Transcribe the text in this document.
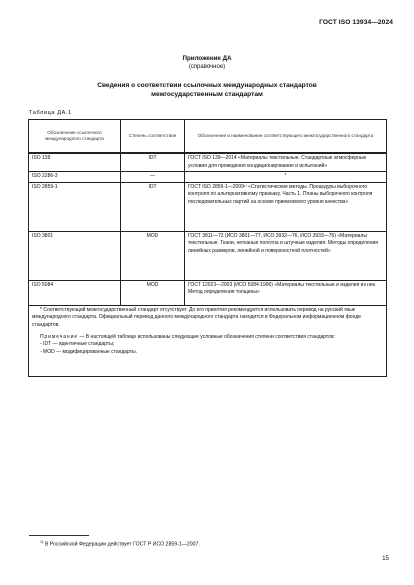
ГОСТ ISO 13934—2024
Приложение ДА
(справочное)
Сведения о соответствии ссылочных международных стандартов
межгосударственным стандартам
Таблица ДА.1
Обозначение ссылочного международного стандарта	Степень соответствия	Обозначение и наименование соответствующего межгосударственного стандарта
ISO 139	IDT	ГОСТ ISO 139—2014 «Материалы текстильные. Стандартные атмосферные условия для проведения кондиционирования и испытаний»
ISO 2286-3	—	*
ISO 2859-1	IDT	ГОСТ ISO 2859-1—2009¹⁾ «Статистические методы. Процедуры выборочного контроля по альтернативному признаку. Часть 1. Планы выборочного контроля последовательных партий на основе приемлемого уровня качества»
ISO 3801	MOD	ГОСТ 3811—72 (ИСО 3801—77, ИСО 3932—76, ИСО 3933—76) «Материалы текстильные. Ткани, нетканые полотна и штучные изделия. Методы определения линейных размеров, линейной и поверхностной плотностей»
ISO 5084	MOD	ГОСТ 12023—2003 (ИСО 5084:1996) «Материалы текстильные и изделия из них. Метод определения толщины»

* Соответствующий межгосударственный стандарт отсутствует. До его принятия рекомендуется использовать перевод на русский язык международного стандарта. Официальный перевод данного международного стандарта находится в Федеральном информационном фонде стандартов.

Примечание — В настоящей таблице использованы следующие условные обозначения степени соответствия стандартов:

- IDT — идентичные стандарты;

- MOD — модифицированные стандарты.		

$^{1)}$ В Российской Федерации действует ГОСТ Р ИСО 2859-1—2007.
15
